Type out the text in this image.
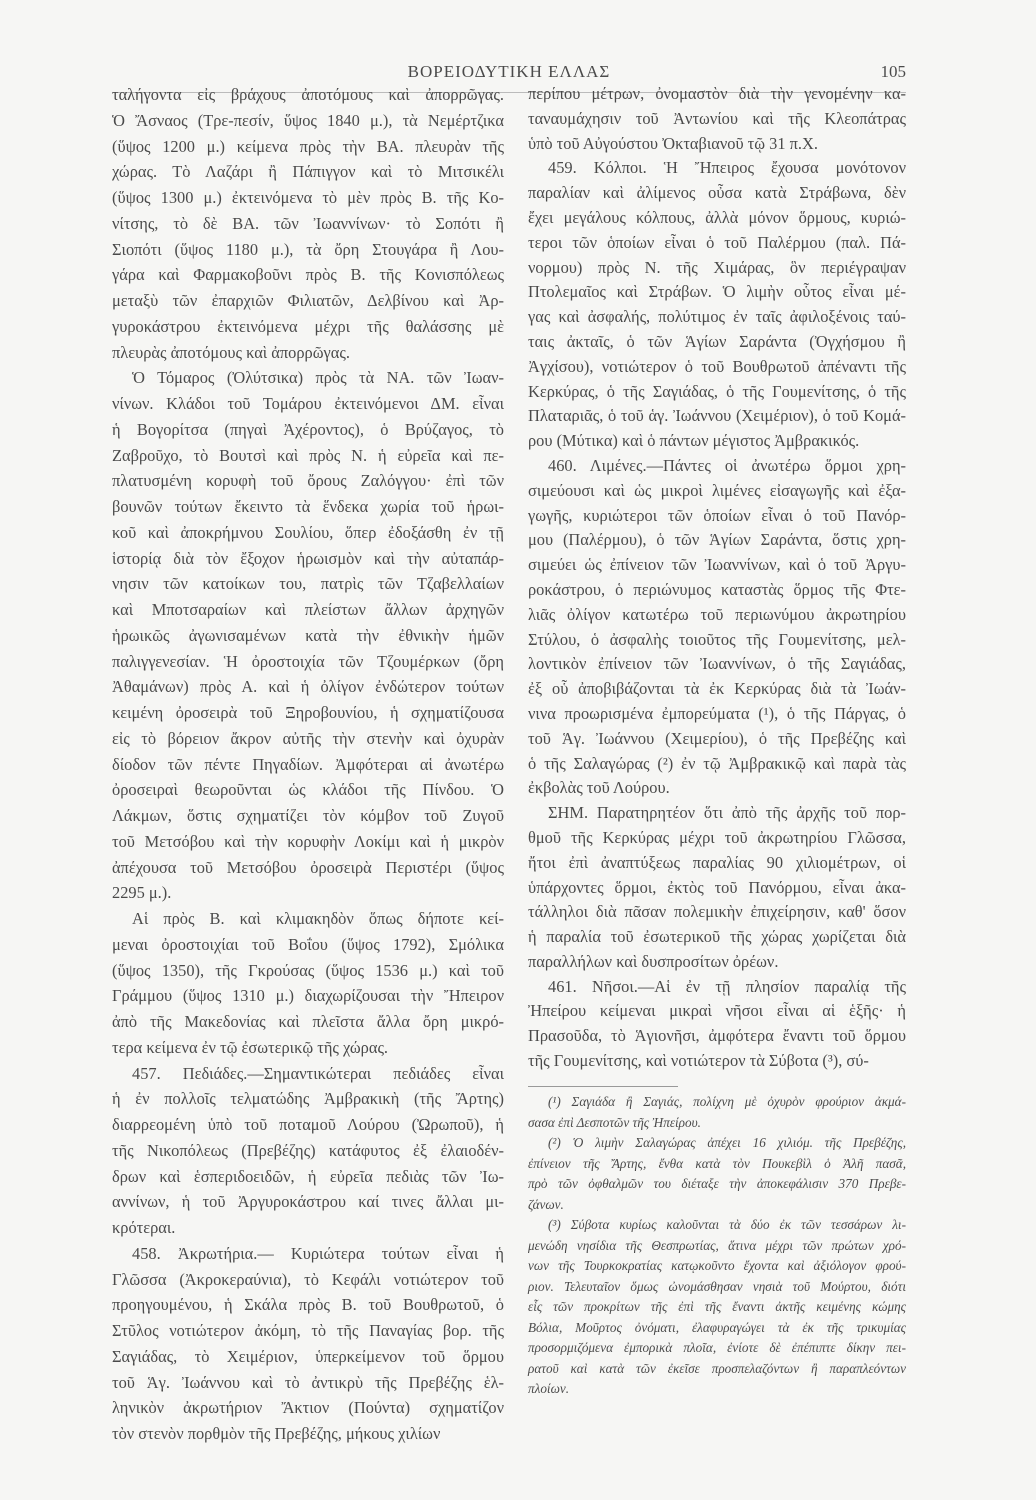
ΒΟΡΕΙΟΔΥΤΙΚΗ ΕΛΛΑΣ	105
ταλήγοντα εἰς βράχους ἀποτόμους καὶ ἀπορρῶγας.
Ὁ Ἄσναος (Τρε-πεσίν, ὕψος 1840 μ.), τὰ Νεμέρτζικα
(ὕψος 1200 μ.) κείμενα πρὸς τὴν ΒΑ. πλευρὰν τῆς
χώρας. Τὸ Λαζάρι ἢ Πάπιγγον καὶ τὸ Μιτσικέλι
(ὕψος 1300 μ.) ἐκτεινόμενα τὸ μὲν πρὸς Β. τῆς Κο-
νίτσης, τὸ δὲ ΒΑ. τῶν Ἰωαννίνων· τὸ Σοπότι ἢ
Σιοπότι (ὕψος 1180 μ.), τὰ ὄρη Στουγάρα ἢ Λου-
γάρα καὶ Φαρμακοβοῦνι πρὸς Β. τῆς Κονισπόλεως
μεταξὺ τῶν ἐπαρχιῶν Φιλιατῶν, Δελβίνου καὶ Ἀρ-
γυροκάστρου ἐκτεινόμενα μέχρι τῆς θαλάσσης μὲ
πλευρὰς ἀποτόμους καὶ ἀπορρῶγας.
Ὁ Τόμαρος (Ὀλύτσικα) πρὸς τὰ ΝΑ. τῶν Ἰωαν-
νίνων. Κλάδοι τοῦ Τομάρου ἐκτεινόμενοι ΔΜ. εἶναι
ἡ Βογορίτσα (πηγαὶ Ἀχέροντος), ὁ Βρύζαγος, τὸ
Ζαβροῦχο, τὸ Βουτσὶ καὶ πρὸς Ν. ἡ εὐρεῖα καὶ πε-
πλατυσμένη κορυφὴ τοῦ ὄρους Ζαλόγγου· ἐπὶ τῶν
βουνῶν τούτων ἔκειντο τὰ ἕνδεκα χωρία τοῦ ἡρωι-
κοῦ καὶ ἀποκρήμνου Σουλίου, ὅπερ ἐδοξάσθη ἐν τῇ
ἱστορίᾳ διὰ τὸν ἔξοχον ἡρωισμὸν καὶ τὴν αὐταπάρ-
νησιν τῶν κατοίκων του, πατρὶς τῶν Τζαβελλαίων
καὶ Μποτσαραίων καὶ πλείστων ἄλλων ἀρχηγῶν
ἡρωικῶς ἀγωνισαμένων κατὰ τὴν ἐθνικὴν ἡμῶν
παλιγγενεσίαν. Ἡ ὀροστοιχία τῶν Τζουμέρκων (ὄρη
Ἀθαμάνων) πρὸς Α. καὶ ἡ ὀλίγον ἐνδώτερον τούτων
κειμένη ὀροσειρὰ τοῦ Ξηροβουνίου, ἡ σχηματίζουσα
εἰς τὸ βόρειον ἄκρον αὐτῆς τὴν στενὴν καὶ ὀχυρὰν
δίοδον τῶν πέντε Πηγαδίων. Ἀμφότεραι αἱ ἀνωτέρω
ὀροσειραὶ θεωροῦνται ὡς κλάδοι τῆς Πίνδου. Ὁ
Λάκμων, ὅστις σχηματίζει τὸν κόμβον τοῦ Ζυγοῦ
τοῦ Μετσόβου καὶ τὴν κορυφὴν Λοκίμι καὶ ἡ μικρὸν
ἀπέχουσα τοῦ Μετσόβου ὀροσειρὰ Περιστέρι (ὕψος
2295 μ.).
Αἱ πρὸς Β. καὶ κλιμακηδὸν ὅπως δήποτε κεί-
μεναι ὀροστοιχίαι τοῦ Βοΐου (ὕψος 1792), Σμόλικα
(ὕψος 1350), τῆς Γκρούσας (ὕψος 1536 μ.) καὶ τοῦ
Γράμμου (ὕψος 1310 μ.) διαχωρίζουσαι τὴν Ἤπειρον
ἀπὸ τῆς Μακεδονίας καὶ πλεῖστα ἄλλα ὄρη μικρό-
τερα κείμενα ἐν τῷ ἐσωτερικῷ τῆς χώρας.
457. Πεδιάδες.—Σημαντικώτεραι πεδιάδες εἶναι
ἡ ἐν πολλοῖς τελματώδης Ἀμβρακικὴ (τῆς Ἄρτης)
διαρρεομένη ὑπὸ τοῦ ποταμοῦ Λούρου (Ὠρωποῦ), ἡ
τῆς Νικοπόλεως (Πρεβέζης) κατάφυτος ἐξ ἐλαιοδέν-
δρων καὶ ἑσπεριδοειδῶν, ἡ εὐρεῖα πεδιὰς τῶν Ἰω-
αννίνων, ἡ τοῦ Ἀργυροκάστρου καί τινες ἄλλαι μι-
κρότεραι.
458. Ἀκρωτήρια.— Κυριώτερα τούτων εἶναι ἡ
Γλῶσσα (Ἀκροκεραύνια), τὸ Κεφάλι νοτιώτερον τοῦ
προηγουμένου, ἡ Σκάλα πρὸς Β. τοῦ Βουθρωτοῦ, ὁ
Στῦλος νοτιώτερον ἀκόμη, τὸ τῆς Παναγίας βορ. τῆς
Σαγιάδας, τὸ Χειμέριον, ὑπερκείμενον τοῦ ὅρμου
τοῦ Ἁγ. Ἰωάννου καὶ τὸ ἀντικρὺ τῆς Πρεβέζης ἑλ-
ληνικὸν ἀκρωτήριον Ἄκτιον (Πούντα) σχηματίζον
τὸν στενὸν πορθμὸν τῆς Πρεβέζης, μήκους χιλίων
περίπου μέτρων, ὀνομαστὸν διὰ τὴν γενομένην κα-
ταναυμάχησιν τοῦ Ἀντωνίου καὶ τῆς Κλεοπάτρας
ὑπὸ τοῦ Αὐγούστου Ὀκταβιανοῦ τῷ 31 π.Χ.
459. Κόλποι. Ἡ Ἤπειρος ἔχουσα μονότονον
παραλίαν καὶ ἀλίμενος οὖσα κατὰ Στράβωνα, δὲν
ἔχει μεγάλους κόλπους, ἀλλὰ μόνον ὅρμους, κυριώ-
τεροι τῶν ὁποίων εἶναι ὁ τοῦ Παλέρμου (παλ. Πά-
νορμου) πρὸς Ν. τῆς Χιμάρας, ὃν περιέγραψαν
Πτολεμαῖος καὶ Στράβων. Ὁ λιμὴν οὗτος εἶναι μέ-
γας καὶ ἀσφαλής, πολύτιμος ἐν ταῖς ἀφιλοξένοις ταύ-
ταις ἀκταῖς, ὁ τῶν Ἁγίων Σαράντα (Ὀγχήσμου ἢ
Ἀγχίσου), νοτιώτερον ὁ τοῦ Βουθρωτοῦ ἀπέναντι τῆς
Κερκύρας, ὁ τῆς Σαγιάδας, ὁ τῆς Γουμενίτσης, ὁ τῆς
Πλαταριᾶς, ὁ τοῦ ἁγ. Ἰωάννου (Χειμέριον), ὁ τοῦ Κομά-
ρου (Μύτικα) καὶ ὁ πάντων μέγιστος Ἀμβρακικός.
460. Λιμένες.—Πάντες οἱ ἀνωτέρω ὅρμοι χρη-
σιμεύουσι καὶ ὡς μικροὶ λιμένες εἰσαγωγῆς καὶ ἐξα-
γωγῆς, κυριώτεροι τῶν ὁποίων εἶναι ὁ τοῦ Πανόρ-
μου (Παλέρμου), ὁ τῶν Ἁγίων Σαράντα, ὅστις χρη-
σιμεύει ὡς ἐπίνειον τῶν Ἰωαννίνων, καὶ ὁ τοῦ Ἀργυ-
ροκάστρου, ὁ περιώνυμος καταστὰς ὅρμος τῆς Φτε-
λιᾶς ὀλίγον κατωτέρω τοῦ περιωνύμου ἀκρωτηρίου
Στύλου, ὁ ἀσφαλὴς τοιοῦτος τῆς Γουμενίτσης, μελ-
λοντικὸν ἐπίνειον τῶν Ἰωαννίνων, ὁ τῆς Σαγιάδας,
ἐξ οὗ ἀποβιβάζονται τὰ ἐκ Κερκύρας διὰ τὰ Ἰωάν-
νινα προωρισμένα ἐμπορεύματα (¹), ὁ τῆς Πάργας, ὁ
τοῦ Ἁγ. Ἰωάννου (Χειμερίου), ὁ τῆς Πρεβέζης καὶ
ὁ τῆς Σαλαγώρας (²) ἐν τῷ Ἀμβρακικῷ καὶ παρὰ τὰς
ἐκβολὰς τοῦ Λούρου.
ΣΗΜ. Παρατηρητέον ὅτι ἀπὸ τῆς ἀρχῆς τοῦ πορ-
θμοῦ τῆς Κερκύρας μέχρι τοῦ ἀκρωτηρίου Γλῶσσα,
ἤτοι ἐπὶ ἀναπτύξεως παραλίας 90 χιλιομέτρων, οἱ
ὑπάρχοντες ὅρμοι, ἐκτὸς τοῦ Πανόρμου, εἶναι ἀκα-
τάλληλοι διὰ πᾶσαν πολεμικὴν ἐπιχείρησιν, καθ' ὅσον
ἡ παραλία τοῦ ἐσωτερικοῦ τῆς χώρας χωρίζεται διὰ
παραλλήλων καὶ δυσπροσίτων ὀρέων.
461. Νῆσοι.—Αἱ ἐν τῇ πλησίον παραλίᾳ τῆς
Ἠπείρου κείμεναι μικραὶ νῆσοι εἶναι αἱ ἑξῆς· ἡ
Πρασοῦδα, τὸ Ἁγιονῆσι, ἀμφότερα ἔναντι τοῦ ὅρμου
τῆς Γουμενίτσης, καὶ νοτιώτερον τὰ Σύβοτα (³), σύ-
(¹) Σαγιάδα ἢ Σαγιάς, πολίχνη μὲ ὀχυρὸν φρούριον ἀκμά-
σασα ἐπὶ Δεσποτῶν τῆς Ἠπείρου.
(²) Ὁ λιμὴν Σαλαγώρας ἀπέχει 16 χιλιόμ. τῆς Πρεβέζης,
ἐπίνειον τῆς Ἄρτης, ἔνθα κατὰ τὸν Πουκεβὶλ ὁ Ἀλῆ πασᾶ,
πρὸ τῶν ὀφθαλμῶν του διέταξε τὴν ἀποκεφάλισιν 370 Πρεβε-
ζάνων.
(³) Σύβοτα κυρίως καλοῦνται τὰ δύο ἐκ τῶν τεσσάρων λι-
μενώδη νησίδια τῆς Θεσπρωτίας, ἅτινα μέχρι τῶν πρώτων χρό-
νων τῆς Τουρκοκρατίας κατῳκοῦντο ἔχοντα καὶ ἀξιόλογον φρού-
ριον. Τελευταῖον ὅμως ὠνομάσθησαν νησιὰ τοῦ Μούρτου, διότι
εἷς τῶν προκρίτων τῆς ἐπὶ τῆς ἔναντι ἀκτῆς κειμένης κώμης
Βόλια, Μοῦρτος ὀνόματι, ἐλαφυραγώγει τὰ ἐκ τῆς τρικυμίας
προσορμιζόμενα ἐμπορικὰ πλοῖα, ἐνίοτε δὲ ἐπέπιπτε δίκην πει-
ρατοῦ καὶ κατὰ τῶν ἐκεῖσε προσπελαζόντων ἢ παραπλεόντων
πλοίων.
